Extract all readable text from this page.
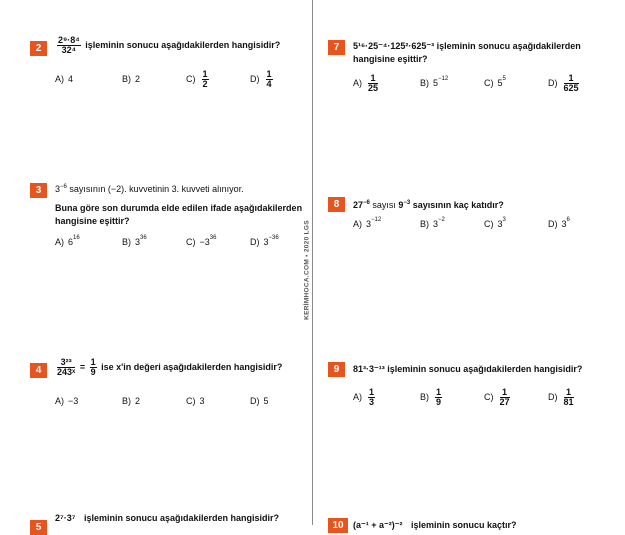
KERİMHOCA.COM • 2020 LGS
2	$\frac{\text{2⁹·8⁴}}{\text{32⁴}}$ işleminin sonucu aşağıdakilerden hangisidir?
A) 4	B) 2	$C) \frac{1}{2}$	$D) \frac{1}{4}$
3	$3^{-6}$ sayısının (−2). kuvvetinin 3. kuvveti alınıyor.
Buna göre son durumda elde edilen ifade aşağıdakilerden hangisine eşittir?
A) $6^{16}$	B) $3^{36}$	$C) -3^{36}$	D) $3^{-36}$
4	$\frac{\text{3²³}}{\text{243ˣ}} = \frac{1}{9}$ ise x'in değeri aşağıdakilerden hangisidir?
A) −3	B) 2	C) 3	D) 5
5
2⁷·3⁷ işleminin sonucu aşağıdakilerden hangisidir?
7	5¹⁶·25⁻⁴·125²·625⁻³ işleminin sonucu aşağıdakilerden hangisine eşittir?
$A) \frac{1}{25}$	B) $5^{-12}$	C) $5^5$	$D) \frac{1}{625}$
8	$27^{-6}$ sayısı $9^{-3}$ sayısının kaç katıdır?
A) $3^{-12}$	B) $3^{-2}$	C) $3^3$	D) $3^6$
9	81³·3⁻¹³ işleminin sonucu aşağıdakilerden hangisidir?
$A) \frac{1}{3}$	$B) \frac{1}{9}$	$C) \frac{1}{27}$	$D) \frac{1}{81}$
10	(a⁻¹ + a⁻²)⁻² işleminin sonucu kaçtır?
